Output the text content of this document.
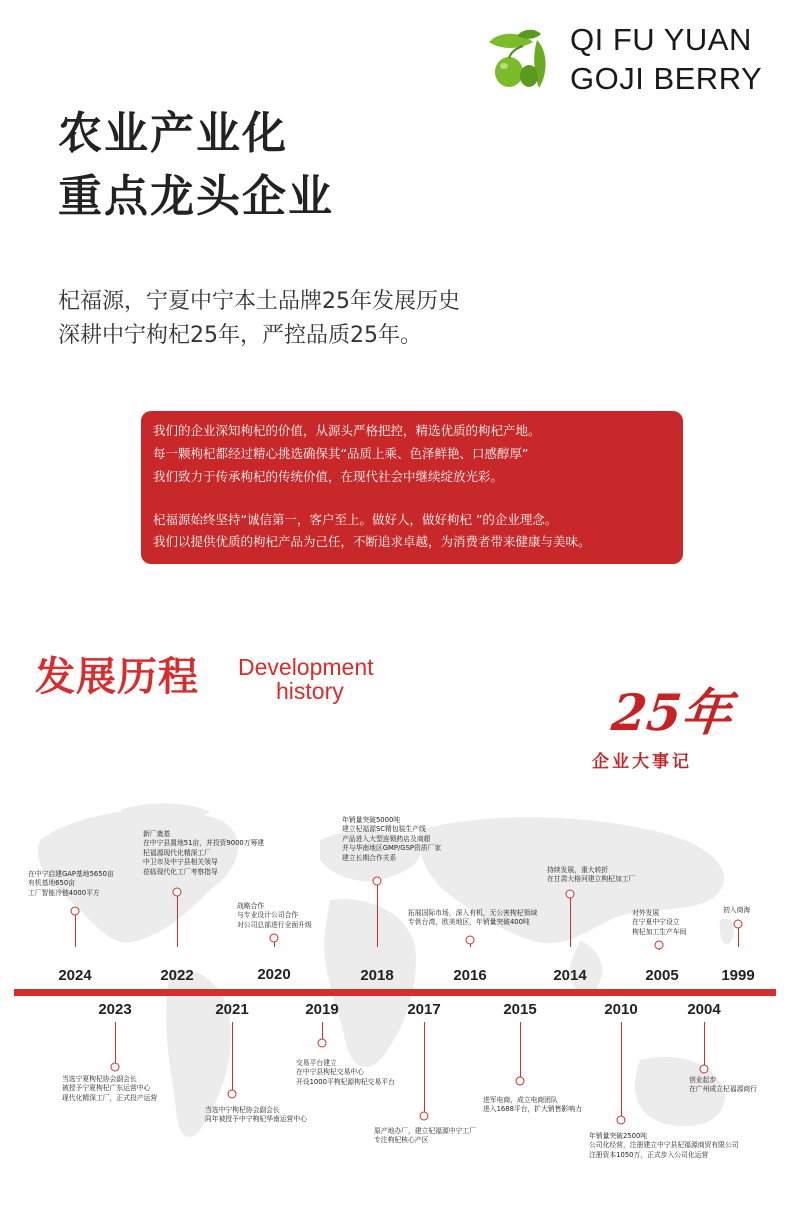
QI FU YUAN
GOJI BERRY
农业产业化
重点龙头企业
杞福源，宁夏中宁本土品牌25年发展历史
深耕中宁枸杞25年，严控品质25年。
我们的企业深知枸杞的价值，从源头严格把控，精选优质的枸杞产地。
每一颗枸杞都经过精心挑选确保其“品质上乘、色泽鲜艳、口感醇厚”
我们致力于传承枸杞的传统价值，在现代社会中继续绽放光彩。
杞福源始终坚持“诚信第一，客户至上。做好人，做好枸杞 ”的企业理念。
我们以提供优质的枸杞产品为己任，不断追求卓越，为消费者带来健康与美味。
发展历程 Development
history	25年
企业大事记
2024
在中宁启建GAP基地5650亩
有机基地650亩
工厂智能冷链4000平方
2022
新厂奠基
在中宁县置地51亩，并投资9000万筹建
杞福源现代化精深工厂
中卫市及中宁县相关领导
莅临现代化工厂考察指导
2020
战略合作
与专业设计公司合作
对公司总部进行全面升级
2018
年销量突破5000吨
建立杞福源SC精包装生产线
产品进入大型连锁药店及商超
并与华南地区GMP/GSP资质厂家
建立长期合作关系
2016
拓展国际市场，深入有机，无公害枸杞领域
专供台湾，欧美地区，年销量突破400吨
2014
持续发展，重大转折
在甘肃大格河建立枸杞加工厂
2005
对外发展
在宁夏中宁设立
枸杞加工生产车间
1999
初入商海
2023
当选宁夏枸杞协会副会长
被授予宁夏枸杞广东运营中心
现代化精深工厂，正式投产运营
2021
当选中宁枸杞协会副会长
同年被授予中宁枸杞华南运营中心
2019
交易平台建立
在中宁县枸杞交易中心
开设1000平枸杞源枸杞交易平台
2017
原产地办厂，建立杞福源中宁工厂
专注枸杞核心产区
2015
进军电商，成立电商团队
进入1688平台，扩大销售影响力
2010
年销量突破2500吨
公司化经营，注册建立中宁县杞福源商贸有限公司
注册资本1050万，正式步入公司化运营
2004
创业起步
在广州成立杞福源商行
